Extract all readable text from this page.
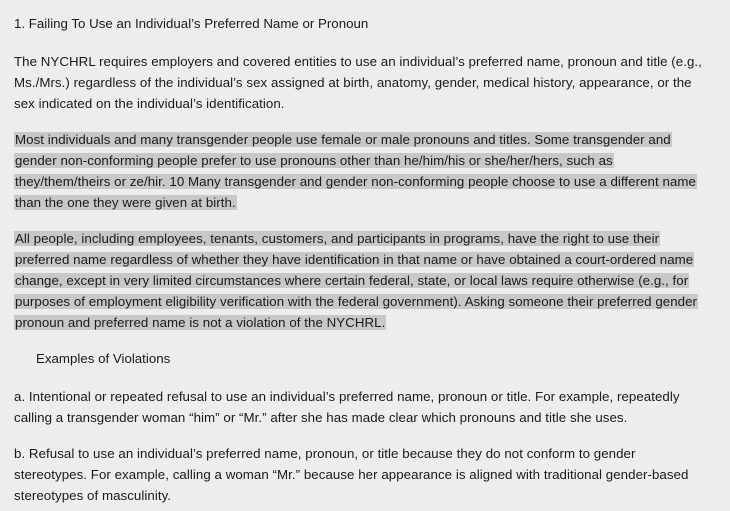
1. Failing To Use an Individual’s Preferred Name or Pronoun

The NYCHRL requires employers and covered entities to use an individual’s preferred name, pronoun and title (e.g., Ms./Mrs.) regardless of the individual’s sex assigned at birth, anatomy, gender, medical history, appearance, or the sex indicated on the individual’s identification.

Most individuals and many transgender people use female or male pronouns and titles. Some transgender and gender non-conforming people prefer to use pronouns other than he/him/his or she/her/hers, such as they/them/theirs or ze/hir. 10 Many transgender and gender non-conforming people choose to use a different name than the one they were given at birth.

All people, including employees, tenants, customers, and participants in programs, have the right to use their preferred name regardless of whether they have identification in that name or have obtained a court-ordered name change, except in very limited circumstances where certain federal, state, or local laws require otherwise (e.g., for purposes of employment eligibility verification with the federal government). Asking someone their preferred gender pronoun and preferred name is not a violation of the NYCHRL.

Examples of Violations

a. Intentional or repeated refusal to use an individual’s preferred name, pronoun or title. For example, repeatedly calling a transgender woman “him” or “Mr.” after she has made clear which pronouns and title she uses.

b. Refusal to use an individual’s preferred name, pronoun, or title because they do not conform to gender stereotypes. For example, calling a woman “Mr.” because her appearance is aligned with traditional gender-based stereotypes of masculinity.
